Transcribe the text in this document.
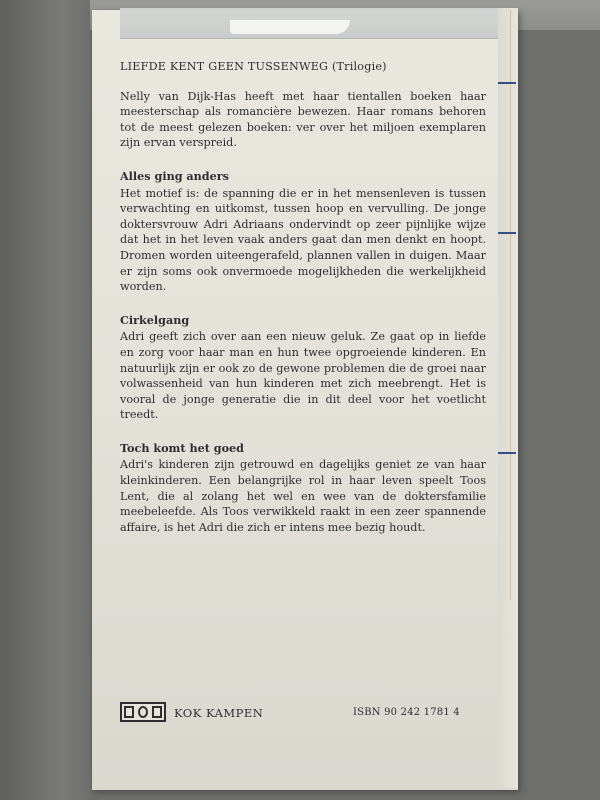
LIEFDE KENT GEEN TUSSENWEG (Trilogie)

Nelly van Dijk-Has heeft met haar tientallen boeken haar meesterschap als romancière bewezen. Haar romans behoren tot de meest gelezen boeken: ver over het miljoen exemplaren zijn ervan verspreid.

Alles ging anders

Het motief is: de spanning die er in het mensenleven is tussen verwachting en uitkomst, tussen hoop en vervulling. De jonge doktersvrouw Adri Adriaans ondervindt op zeer pijnlijke wijze dat het in het leven vaak anders gaat dan men denkt en hoopt. Dromen worden uiteengerafeld, plannen vallen in duigen. Maar er zijn soms ook onvermoede mogelijkheden die werkelijkheid worden.

Cirkelgang

Adri geeft zich over aan een nieuw geluk. Ze gaat op in liefde en zorg voor haar man en hun twee opgroeiende kinderen. En natuurlijk zijn er ook zo de gewone problemen die de groei naar volwassenheid van hun kinderen met zich meebrengt. Het is vooral de jonge generatie die in dit deel voor het voetlicht treedt.

Toch komt het goed

Adri's kinderen zijn getrouwd en dagelijks geniet ze van haar kleinkinderen. Een belangrijke rol in haar leven speelt Toos Lent, die al zolang het wel en wee van de doktersfamilie meebeleefde. Als Toos verwikkeld raakt in een zeer spannende affaire, is het Adri die zich er intens mee bezig houdt.

KOK KAMPEN	ISBN 90 242 1781 4
